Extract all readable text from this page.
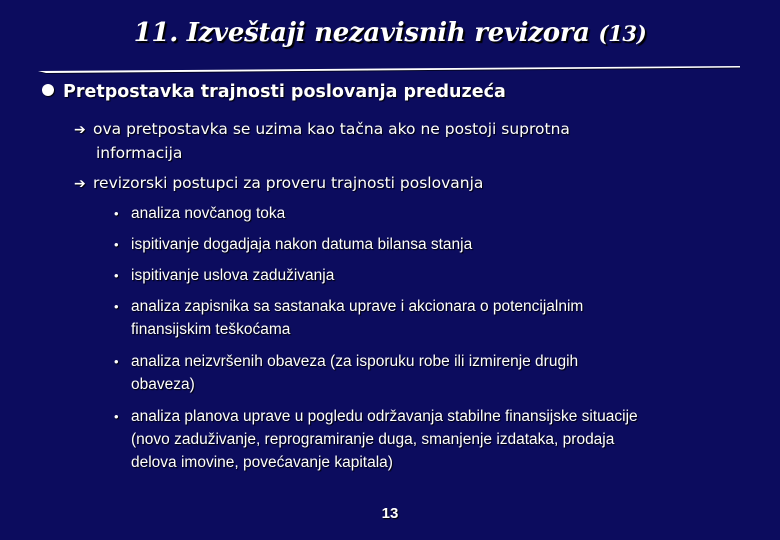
11. Izveštaji nezavisnih revizora (13)
Pretpostavka trajnosti poslovanja preduzeća
➔ ova pretpostavka se uzima kao tačna ako ne postoji suprotna
informacija
➔ revizorski postupci za proveru trajnosti poslovanja
• analiza novčanog toka
• ispitivanje dogadjaja nakon datuma bilansa stanja
• ispitivanje uslova zaduživanja
• analiza zapisnika sa sastanaka uprave i akcionara o potencijalnim
finansijskim teškoćama
• analiza neizvršenih obaveza (za isporuku robe ili izmirenje drugih
obaveza)
• analiza planova uprave u pogledu održavanja stabilne finansijske situacije
(novo zaduživanje, reprogramiranje duga, smanjenje izdataka, prodaja
delova imovine, povećavanje kapitala)
13
